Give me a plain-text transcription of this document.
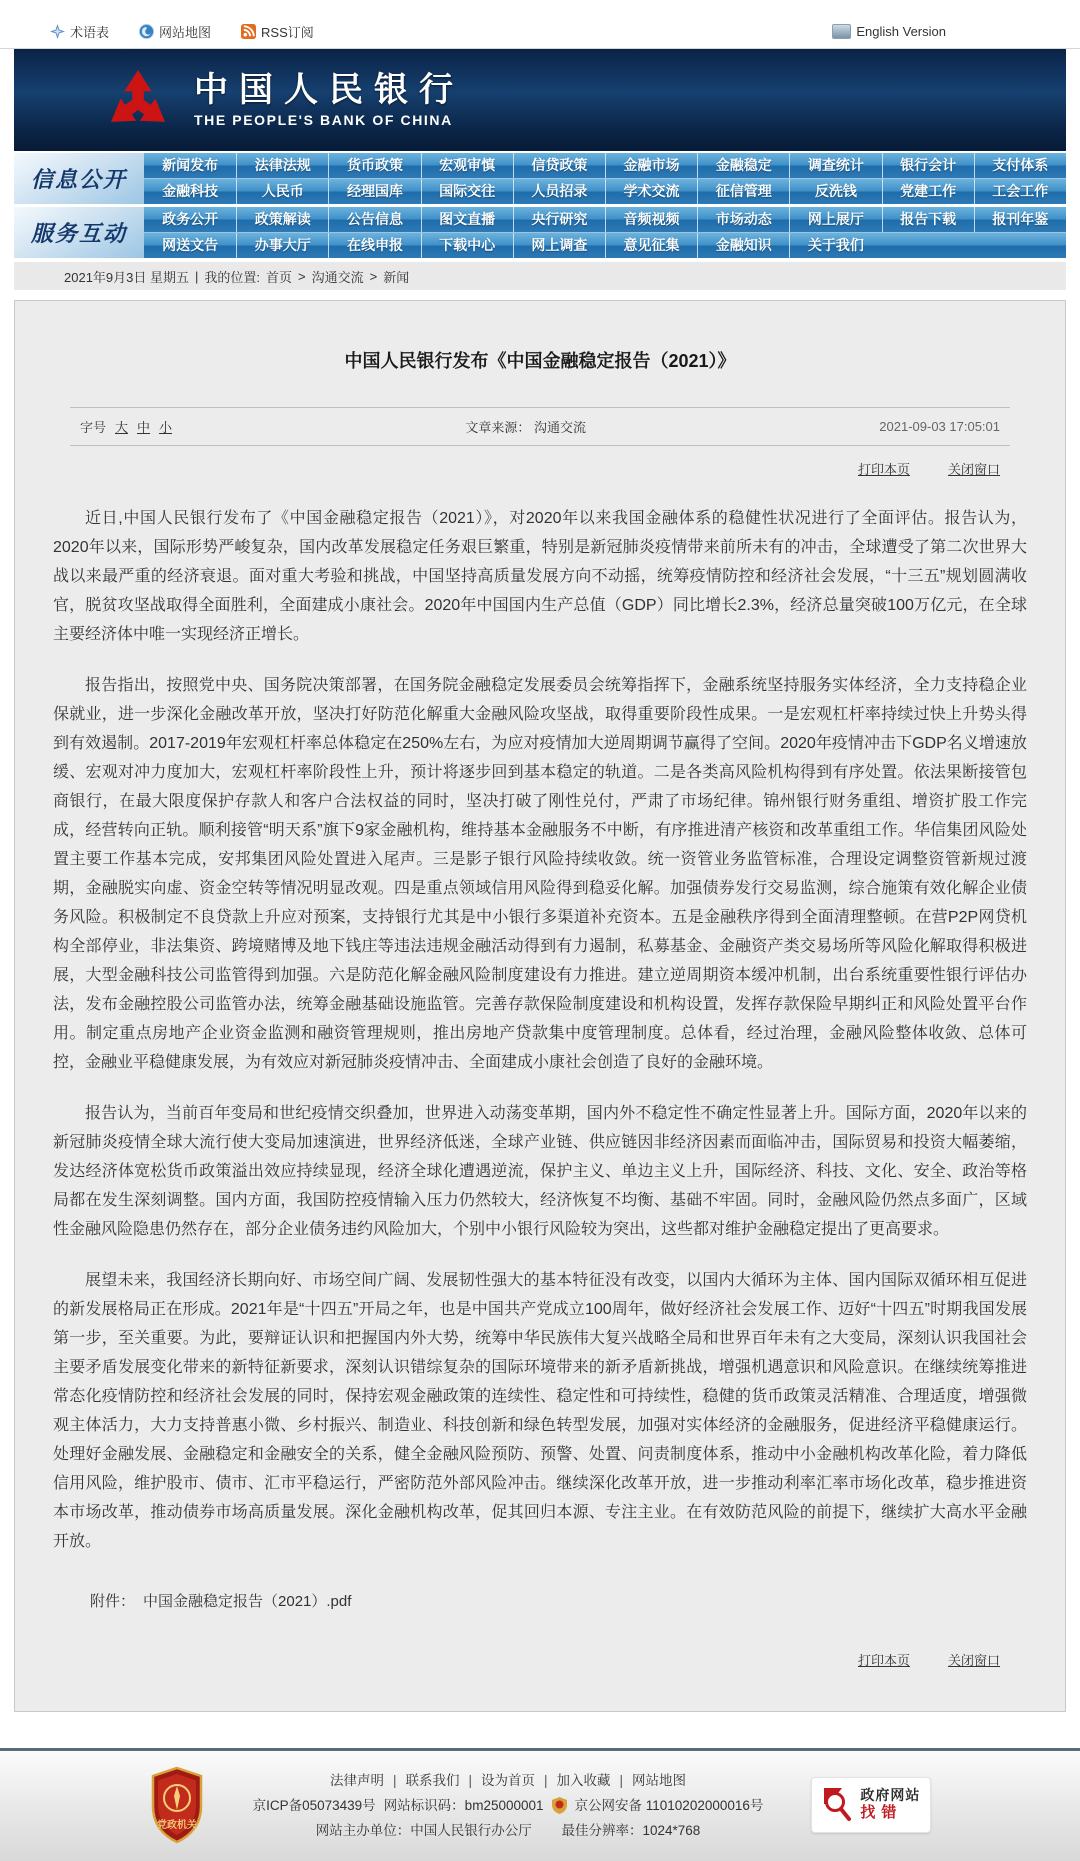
术语表	网站地图	RSS订阅	English Version
中国人民银行
THE PEOPLE'S BANK OF CHINA
信息公开
新闻发布	法律法规	货币政策	宏观审慎	信贷政策	金融市场	金融稳定	调查统计	银行会计	支付体系
金融科技	人民币	经理国库	国际交往	人员招录	学术交流	征信管理	反洗钱	党建工作	工会工作
服务互动
政务公开	政策解读	公告信息	图文直播	央行研究	音频视频	市场动态	网上展厅	报告下载	报刊年鉴
网送文告	办事大厅	在线申报	下载中心	网上调查	意见征集	金融知识	关于我们
2021年9月3日 星期五 | 我的位置: 首页 > 沟通交流 > 新闻
中国人民银行发布《中国金融稳定报告（2021）》
字号 大 中 小	文章来源： 沟通交流	2021-09-03 17:05:01
打印本页	关闭窗口

近日,中国人民银行发布了《中国金融稳定报告（2021）》，对2020年以来我国金融体系的稳健性状况进行了全面评估。报告认为，2020年以来，国际形势严峻复杂，国内改革发展稳定任务艰巨繁重，特别是新冠肺炎疫情带来前所未有的冲击，全球遭受了第二次世界大战以来最严重的经济衰退。面对重大考验和挑战，中国坚持高质量发展方向不动摇，统筹疫情防控和经济社会发展，“十三五”规划圆满收官，脱贫攻坚战取得全面胜利，全面建成小康社会。2020年中国国内生产总值（GDP）同比增长2.3%，经济总量突破100万亿元，在全球主要经济体中唯一实现经济正增长。

报告指出，按照党中央、国务院决策部署，在国务院金融稳定发展委员会统筹指挥下，金融系统坚持服务实体经济，全力支持稳企业保就业，进一步深化金融改革开放，坚决打好防范化解重大金融风险攻坚战，取得重要阶段性成果。一是宏观杠杆率持续过快上升势头得到有效遏制。2017-2019年宏观杠杆率总体稳定在250%左右，为应对疫情加大逆周期调节赢得了空间。2020年疫情冲击下GDP名义增速放缓、宏观对冲力度加大，宏观杠杆率阶段性上升，预计将逐步回到基本稳定的轨道。二是各类高风险机构得到有序处置。依法果断接管包商银行，在最大限度保护存款人和客户合法权益的同时，坚决打破了刚性兑付，严肃了市场纪律。锦州银行财务重组、增资扩股工作完成，经营转向正轨。顺利接管“明天系”旗下9家金融机构，维持基本金融服务不中断，有序推进清产核资和改革重组工作。华信集团风险处置主要工作基本完成，安邦集团风险处置进入尾声。三是影子银行风险持续收敛。统一资管业务监管标准，合理设定调整资管新规过渡期，金融脱实向虚、资金空转等情况明显改观。四是重点领域信用风险得到稳妥化解。加强债券发行交易监测，综合施策有效化解企业债务风险。积极制定不良贷款上升应对预案，支持银行尤其是中小银行多渠道补充资本。五是金融秩序得到全面清理整顿。在营P2P网贷机构全部停业，非法集资、跨境赌博及地下钱庄等违法违规金融活动得到有力遏制，私募基金、金融资产类交易场所等风险化解取得积极进展，大型金融科技公司监管得到加强。六是防范化解金融风险制度建设有力推进。建立逆周期资本缓冲机制，出台系统重要性银行评估办法，发布金融控股公司监管办法，统筹金融基础设施监管。完善存款保险制度建设和机构设置，发挥存款保险早期纠正和风险处置平台作用。制定重点房地产企业资金监测和融资管理规则，推出房地产贷款集中度管理制度。总体看，经过治理，金融风险整体收敛、总体可控，金融业平稳健康发展，为有效应对新冠肺炎疫情冲击、全面建成小康社会创造了良好的金融环境。

报告认为，当前百年变局和世纪疫情交织叠加，世界进入动荡变革期，国内外不稳定性不确定性显著上升。国际方面，2020年以来的新冠肺炎疫情全球大流行使大变局加速演进，世界经济低迷，全球产业链、供应链因非经济因素而面临冲击，国际贸易和投资大幅萎缩，发达经济体宽松货币政策溢出效应持续显现，经济全球化遭遇逆流，保护主义、单边主义上升，国际经济、科技、文化、安全、政治等格局都在发生深刻调整。国内方面，我国防控疫情输入压力仍然较大，经济恢复不均衡、基础不牢固。同时，金融风险仍然点多面广，区域性金融风险隐患仍然存在，部分企业债务违约风险加大，个别中小银行风险较为突出，这些都对维护金融稳定提出了更高要求。

展望未来，我国经济长期向好、市场空间广阔、发展韧性强大的基本特征没有改变，以国内大循环为主体、国内国际双循环相互促进的新发展格局正在形成。2021年是“十四五”开局之年，也是中国共产党成立100周年，做好经济社会发展工作、迈好“十四五”时期我国发展第一步，至关重要。为此，要辩证认识和把握国内外大势，统筹中华民族伟大复兴战略全局和世界百年未有之大变局，深刻认识我国社会主要矛盾发展变化带来的新特征新要求，深刻认识错综复杂的国际环境带来的新矛盾新挑战，增强机遇意识和风险意识。在继续统筹推进常态化疫情防控和经济社会发展的同时，保持宏观金融政策的连续性、稳定性和可持续性，稳健的货币政策灵活精准、合理适度，增强微观主体活力，大力支持普惠小微、乡村振兴、制造业、科技创新和绿色转型发展，加强对实体经济的金融服务，促进经济平稳健康运行。处理好金融发展、金融稳定和金融安全的关系，健全金融风险预防、预警、处置、问责制度体系，推动中小金融机构改革化险，着力降低信用风险，维护股市、债市、汇市平稳运行，严密防范外部风险冲击。继续深化改革开放，进一步推动利率汇率市场化改革，稳步推进资本市场改革，推动债券市场高质量发展。深化金融机构改革，促其回归本源、专注主业。在有效防范风险的前提下，继续扩大高水平金融开放。

附件： 中国金融稳定报告（2021）.pdf
打印本页	关闭窗口
党政机关
法律声明 | 联系我们 | 设为首页 | 加入收藏 | 网站地图
京ICP备05073439号 网站标识码：bm25000001 京公网安备 11010202000016号
网站主办单位：中国人民银行办公厅 最佳分辨率：1024*768
政府网站
找错
